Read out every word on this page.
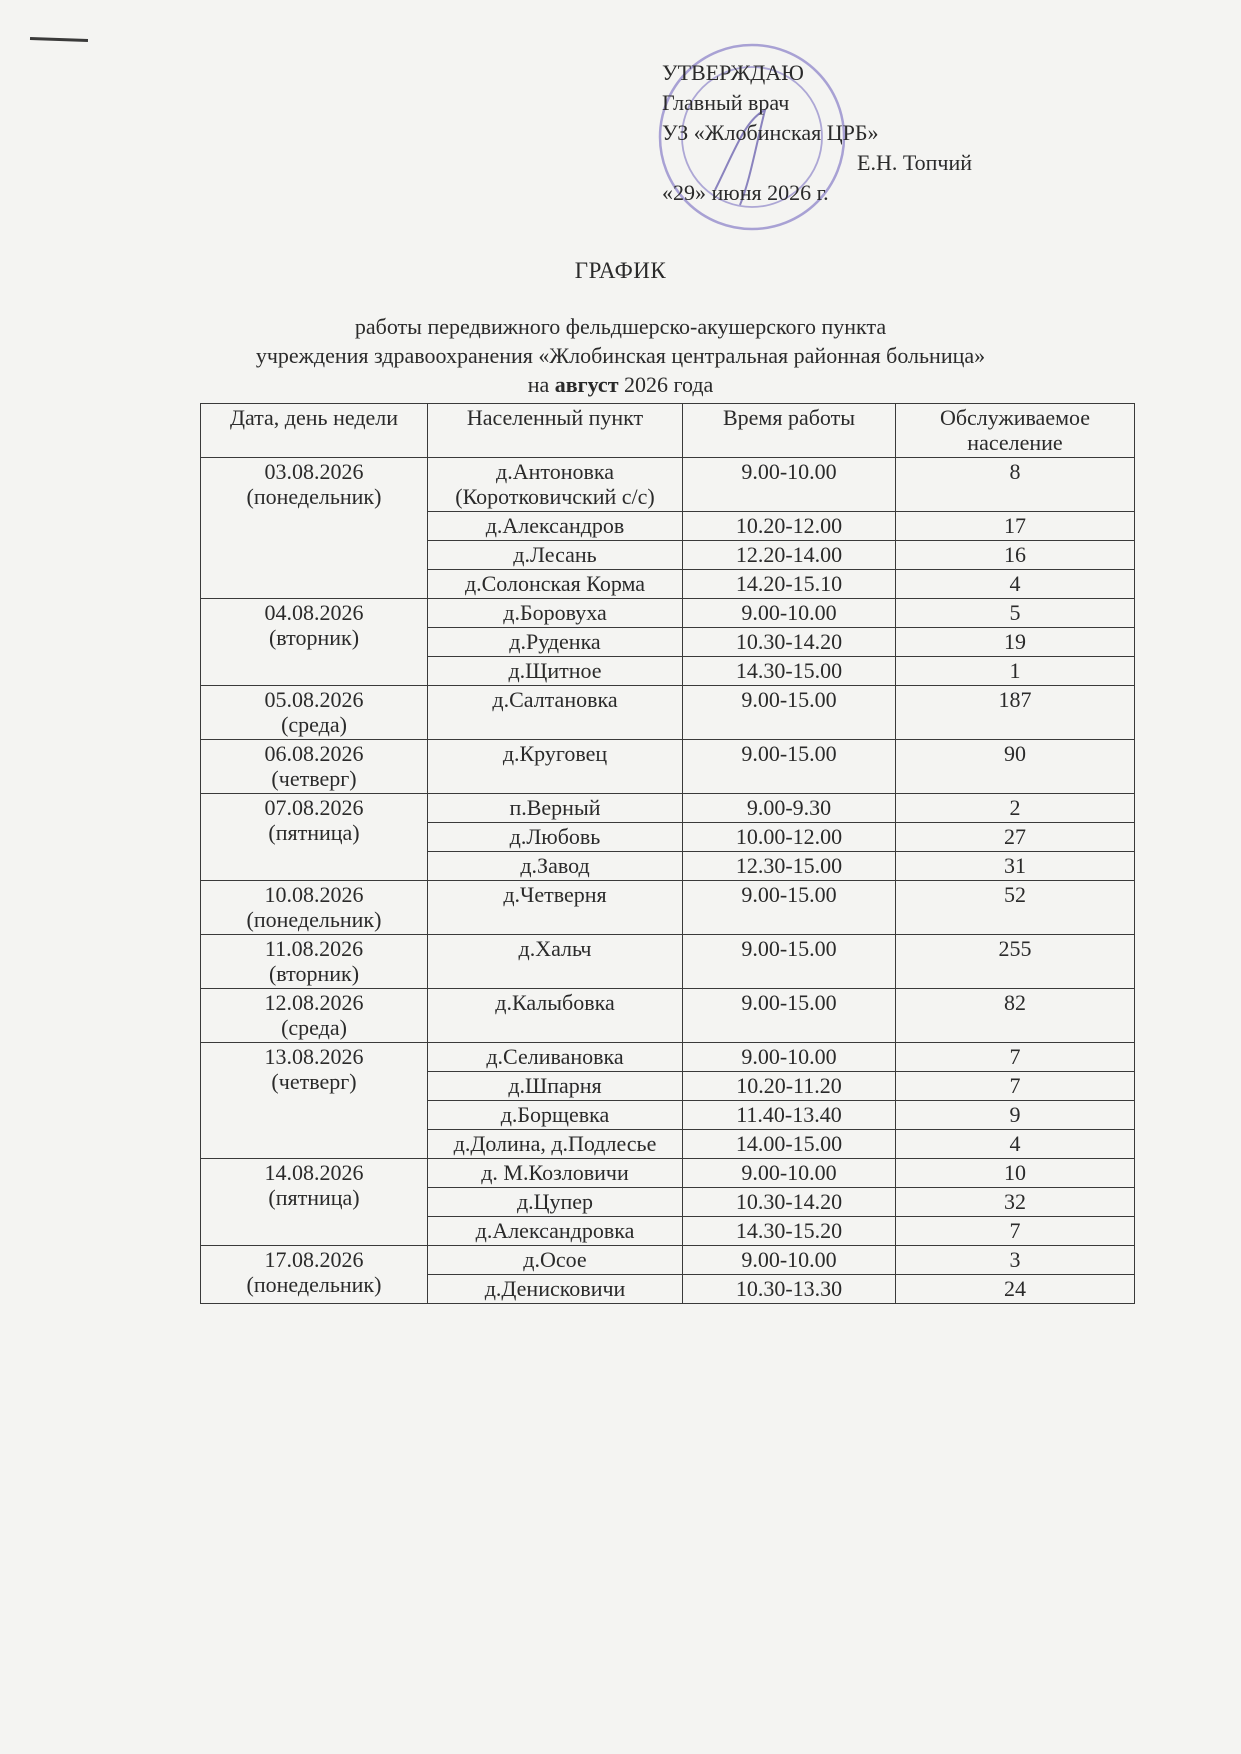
УТВЕРЖДАЮ
Главный врач
УЗ «Жлобинская ЦРБ»
Е.Н. Топчий
«29» июня 2026 г.
ГРАФИК
работы передвижного фельдшерско-акушерского пункта
учреждения здравоохранения «Жлобинская центральная районная больница»
на август 2026 года
Дата, день недели	Населенный пункт	Время работы	Обслуживаемое население

03.08.2026
(понедельник)	д.Антоновка (Коротковичский с/с)	9.00-10.00	8
	д.Александров	10.20-12.00	17
	д.Лесань	12.20-14.00	16
	д.Солонская Корма	14.20-15.10	4

04.08.2026
(вторник)	д.Боровуха	9.00-10.00	5
	д.Руденка	10.30-14.20	19
	д.Щитное	14.30-15.00	1

05.08.2026
(среда)	д.Салтановка	9.00-15.00	187

06.08.2026
(четверг)	д.Круговец	9.00-15.00	90

07.08.2026
(пятница)	п.Верный	9.00-9.30	2
	д.Любовь	10.00-12.00	27
	д.Завод	12.30-15.00	31

10.08.2026
(понедельник)	д.Четверня	9.00-15.00	52

11.08.2026
(вторник)	д.Хальч	9.00-15.00	255

12.08.2026
(среда)	д.Калыбовка	9.00-15.00	82

13.08.2026
(четверг)	д.Селивановка	9.00-10.00	7
	д.Шпарня	10.20-11.20	7
	д.Борщевка	11.40-13.40	9
	д.Долина, д.Подлесье	14.00-15.00	4

14.08.2026
(пятница)	д. М.Козловичи	9.00-10.00	10
	д.Цупер	10.30-14.20	32
	д.Александровка	14.30-15.20	7

17.08.2026
(понедельник)	д.Осое	9.00-10.00	3
	д.Денисковичи	10.30-13.30	24
